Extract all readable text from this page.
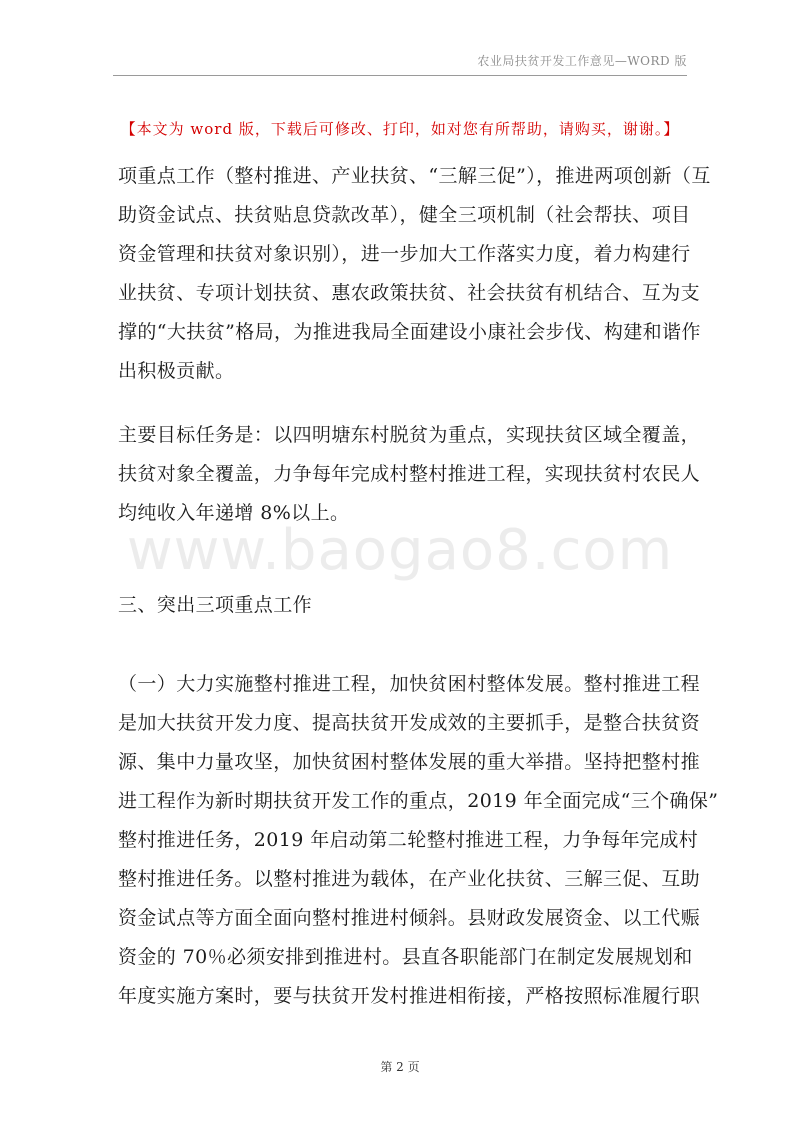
农业局扶贫开发工作意见—WORD 版
【本文为 word 版，下载后可修改、打印，如对您有所帮助，请购买，谢谢。】
项重点工作（整村推进、产业扶贫、“三解三促”），推进两项创新（互
助资金试点、扶贫贴息贷款改革），健全三项机制（社会帮扶、项目
资金管理和扶贫对象识别），进一步加大工作落实力度，着力构建行
业扶贫、专项计划扶贫、惠农政策扶贫、社会扶贫有机结合、互为支
撑的“大扶贫”格局，为推进我局全面建设小康社会步伐、构建和谐作
出积极贡献。
主要目标任务是：以四明塘东村脱贫为重点，实现扶贫区域全覆盖，
扶贫对象全覆盖，力争每年完成村整村推进工程，实现扶贫村农民人
均纯收入年递增 8%以上。
www.baogao8.com
三、突出三项重点工作
（一）大力实施整村推进工程，加快贫困村整体发展。整村推进工程
是加大扶贫开发力度、提高扶贫开发成效的主要抓手，是整合扶贫资
源、集中力量攻坚，加快贫困村整体发展的重大举措。坚持把整村推
进工程作为新时期扶贫开发工作的重点，2019 年全面完成“三个确保”
整村推进任务，2019 年启动第二轮整村推进工程，力争每年完成村
整村推进任务。以整村推进为载体，在产业化扶贫、三解三促、互助
资金试点等方面全面向整村推进村倾斜。县财政发展资金、以工代赈
资金的 70％必须安排到推进村。县直各职能部门在制定发展规划和
年度实施方案时，要与扶贫开发村推进相衔接，严格按照标准履行职
第 2 页
